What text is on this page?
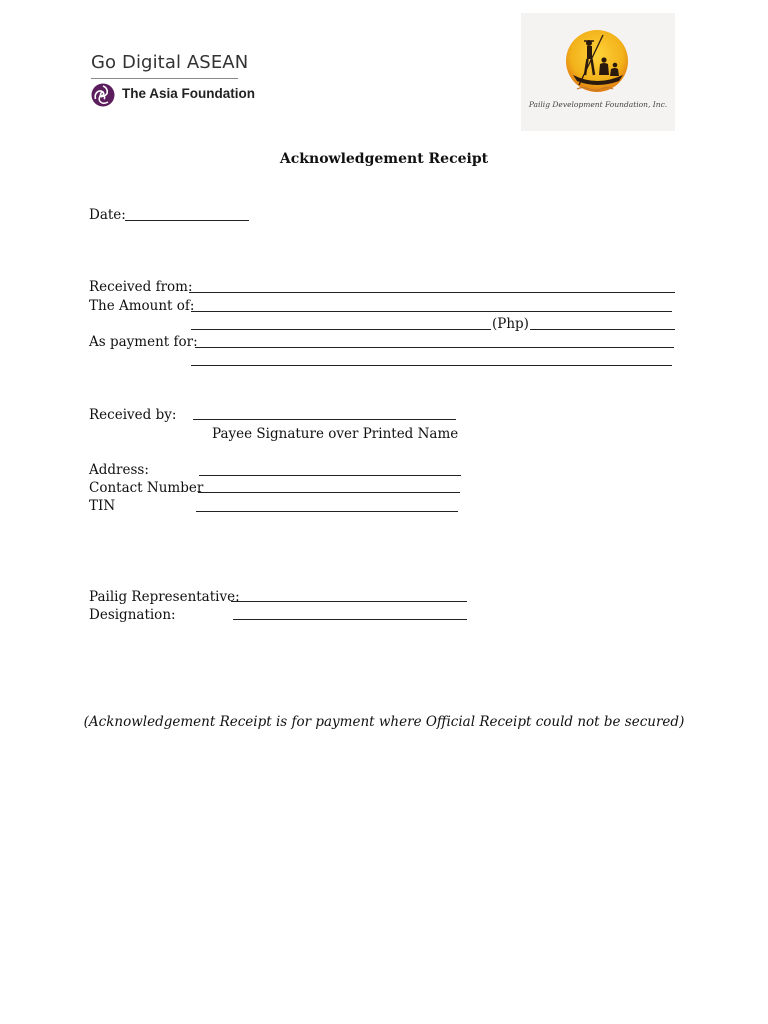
Go Digital ASEAN
The Asia Foundation
Pailig Development Foundation, Inc.
Acknowledgement Receipt
Date:
Received from:
The Amount of:
(Php)
As payment for:
Received by:
Payee Signature over Printed Name
Address:
Contact Number
TIN
Pailig Representative:
Designation:
(Acknowledgement Receipt is for payment where Official Receipt could not be secured)
